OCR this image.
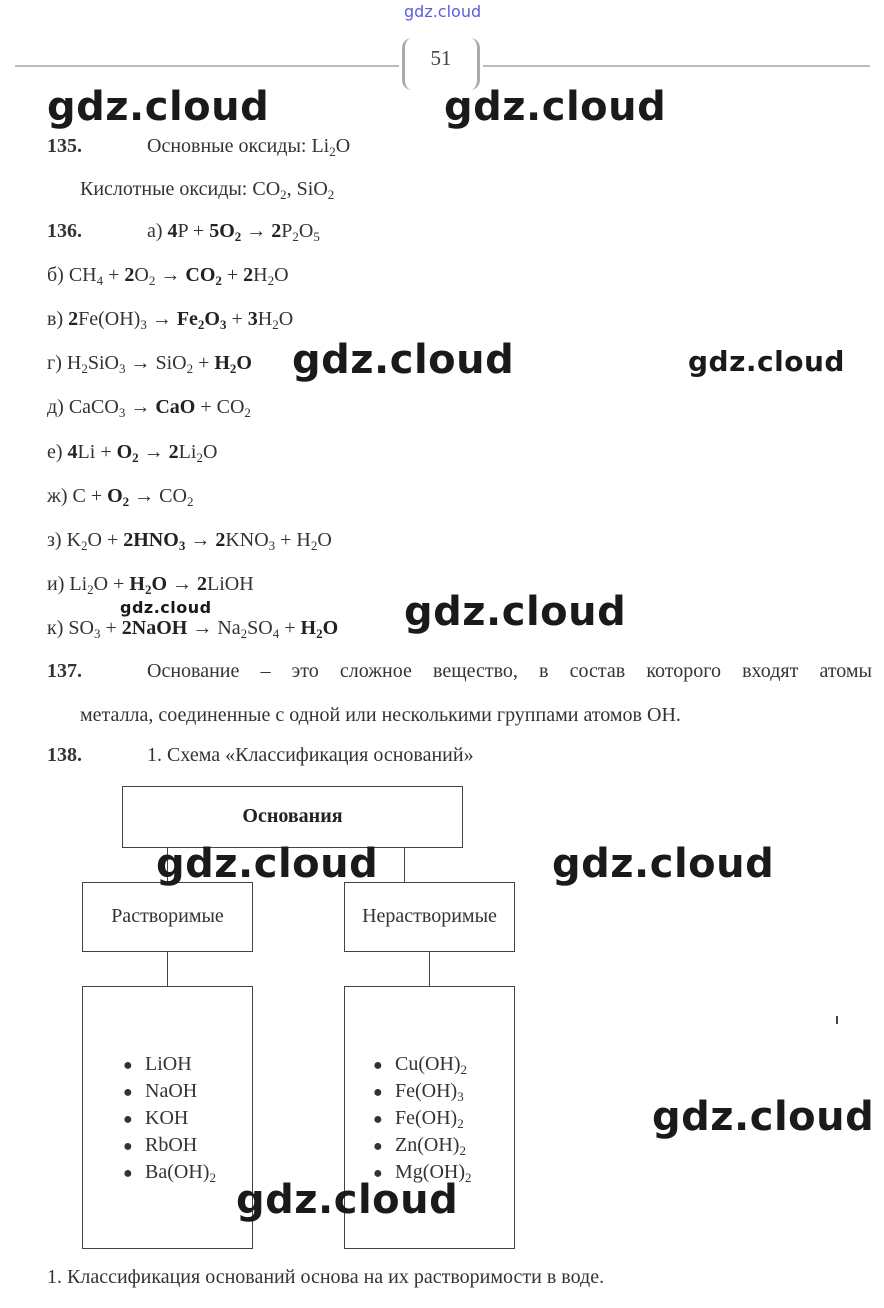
gdz.cloud
51
135.	Основные оксиды: $Li_2O$
Кислотные оксиды: $CO_2$, SiO$_2$
136.	а) $4P + 5O_2 \to 2P_2O_5$
б) $CH_4 + 2O_2 \to CO_2 + 2H_2O$
в) $2Fe(OH)_3 \to Fe_2O_3 + 3H_2O$
г) $H_2SiO_3 \to SiO_2 + H_2O$
д) CaCO$_3$ → CaO + $CO_2$
е) $4Li + O_2 \to 2Li_2O$
ж) $C + O_2 \to CO_2$
з) $K_2O + 2HNO_3 \to 2KNO_3 + H_2O$
и) $Li_2O + H_2O$ → 2LiOH
к) $SO_3$ + 2NaOH → $Na_2SO_4 + H_2O$
137.	Основание – это сложное вещество, в состав которого входят атомы
металла, соединенные с одной или несколькими группами атомов ОН.
138.	1. Схема «Классификация оснований»
Основания
Растворимые	Нерастворимые
● LiOH
● NaOH
● KOH
● RbOH
● $Ba(OH)_2$
● $Cu(OH)_2$
● $Fe(OH)_3$
● $Fe(OH)_2$
● $Zn(OH)_2$
● $Mg(OH)_2$
1. Классификация оснований основа на их растворимости в воде.
gdz.cloud	gdz.cloud
gdz.cloud	gdz.cloud
gdz.cloud	gdz.cloud
gdz.cloud	gdz.cloud
gdz.cloud
gdz.cloud
